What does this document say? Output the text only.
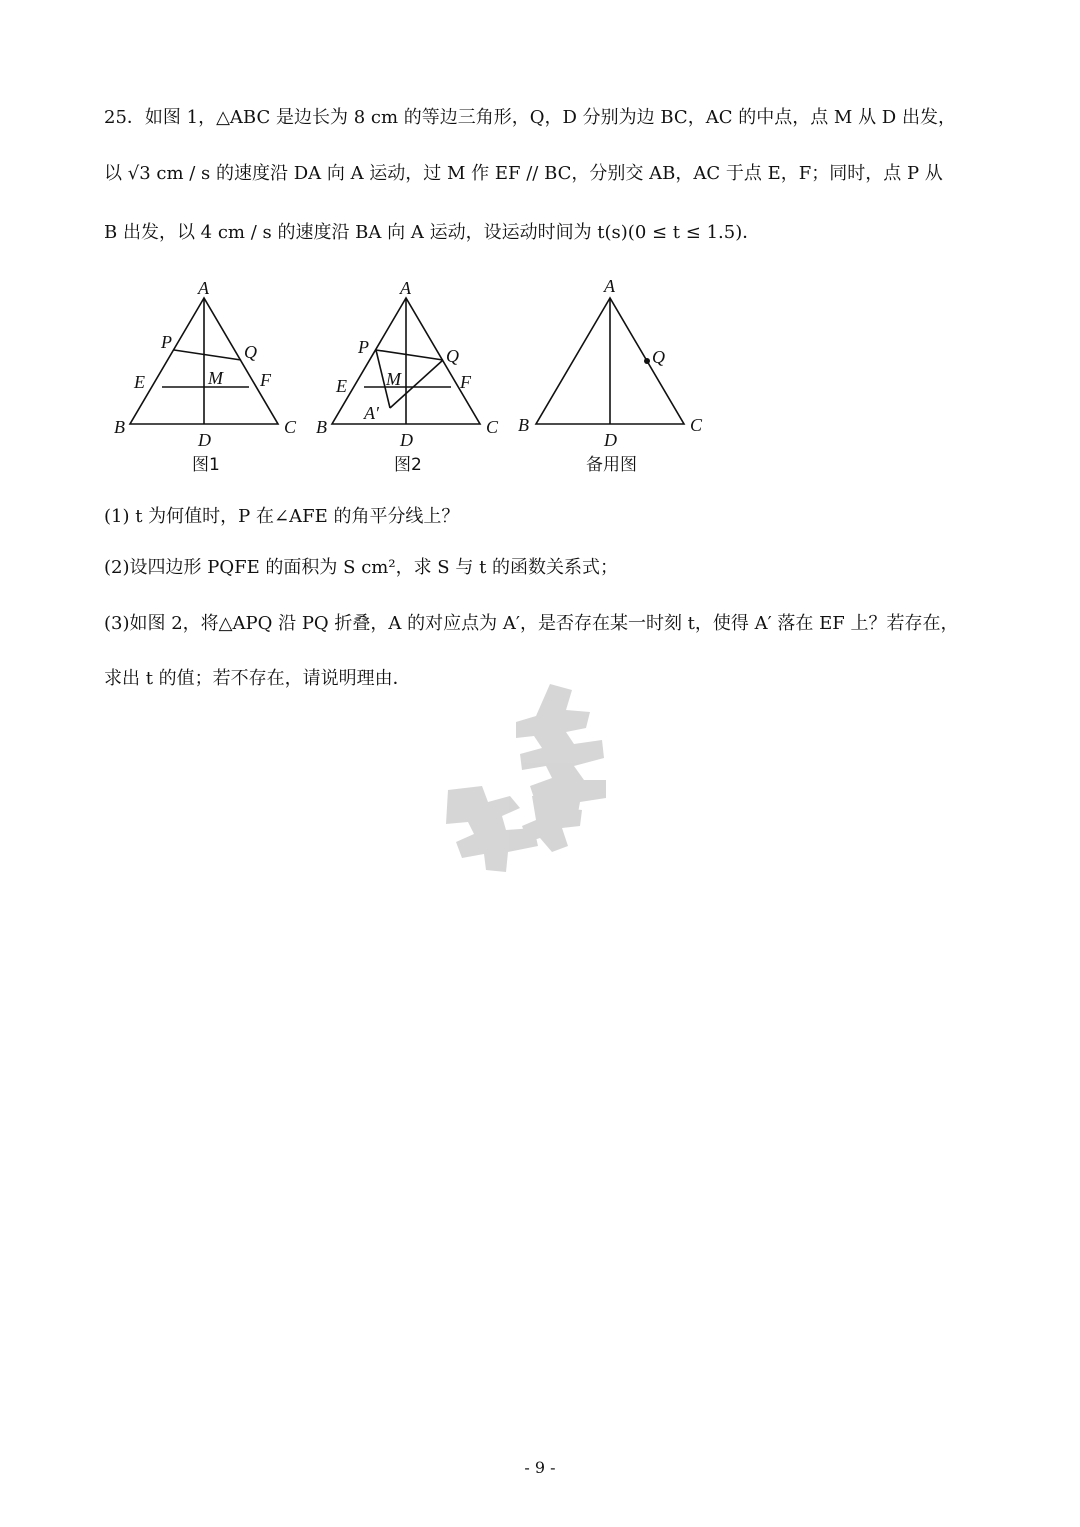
25．如图 1，△ABC 是边长为 8 cm 的等边三角形，Q，D 分别为边 BC，AC 的中点，点 M 从 D 出发，
以 √3 cm / s 的速度沿 DA 向 A 运动，过 M 作 EF // BC，分别交 AB，AC 于点 E，F；同时，点 P 从
B 出发，以 4 cm / s 的速度沿 BA 向 A 运动，设运动时间为 t(s)(0 ≤ t ≤ 1.5)．
A
P	Q
E	M F
B
D
C
A
P	Q
E M	F
A′
B
D
C
A
Q
B
D
C
图1	图2	备用图
(1) t 为何值时，P 在∠AFE 的角平分线上？
(2)设四边形 PQFE 的面积为 S cm²，求 S 与 t 的函数关系式；
(3)如图 2，将△APQ 沿 PQ 折叠，A 的对应点为 A′，是否存在某一时刻 t，使得 A′ 落在 EF 上？若存在，
求出 t 的值；若不存在，请说明理由．
- 9 -
